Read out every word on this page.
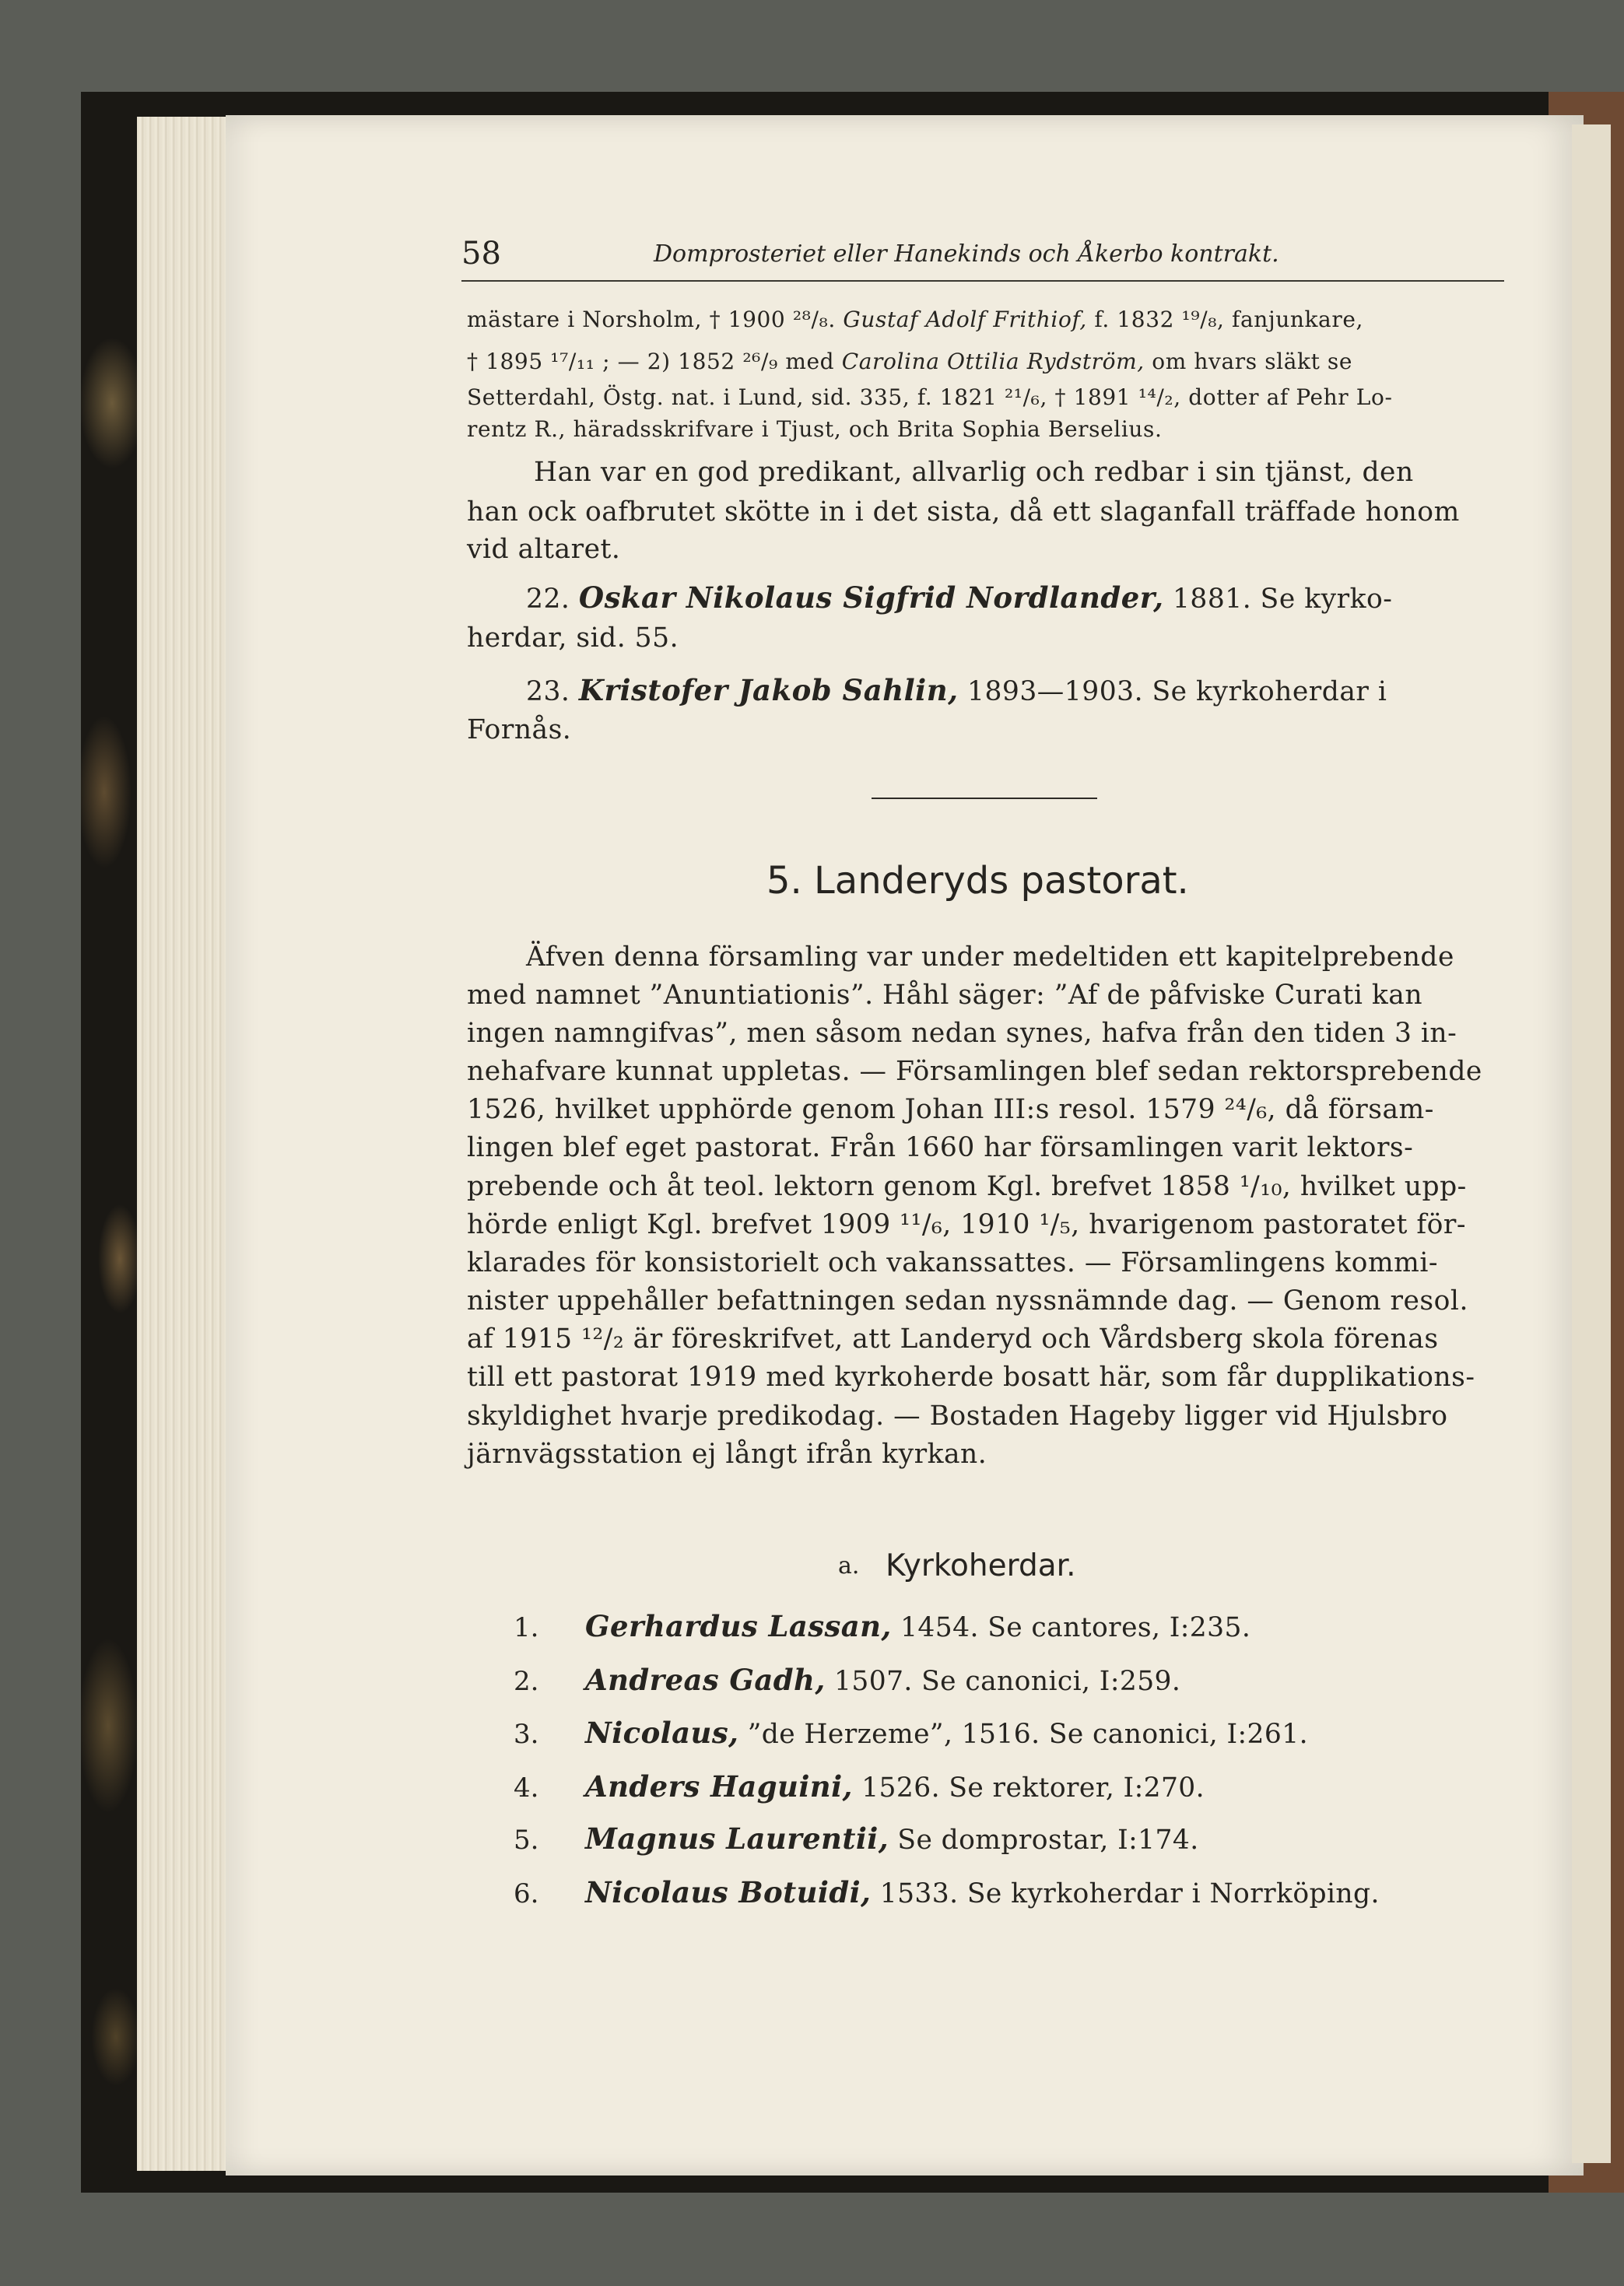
58	Domprosteriet eller Hanekinds och Åkerbo kontrakt.
mästare i Norsholm, † 1900 ²⁸/₈. Gustaf Adolf Frithiof, f. 1832 ¹⁹/₈, fanjunkare,
† 1895 ¹⁷/₁₁ ; — 2) 1852 ²⁶/₉ med Carolina Ottilia Rydström, om hvars släkt se
Setterdahl, Östg. nat. i Lund, sid. 335, f. 1821 ²¹/₆, † 1891 ¹⁴/₂, dotter af Pehr Lo-
rentz R., häradsskrifvare i Tjust, och Brita Sophia Berselius.
Han var en god predikant, allvarlig och redbar i sin tjänst, den
han ock oafbrutet skötte in i det sista, då ett slaganfall träffade honom
vid altaret.
22. Oskar Nikolaus Sigfrid Nordlander, 1881. Se kyrko-
herdar, sid. 55.
23. Kristofer Jakob Sahlin, 1893—1903. Se kyrkoherdar i
Fornås.
5. Landeryds pastorat.
Äfven denna församling var under medeltiden ett kapitelprebende
med namnet ”Anuntiationis”. Håhl säger: ”Af de påfviske Curati kan
ingen namngifvas”, men såsom nedan synes, hafva från den tiden 3 in-
nehafvare kunnat uppletas. — Församlingen blef sedan rektorsprebende
1526, hvilket upphörde genom Johan III:s resol. 1579 ²⁴/₆, då försam-
lingen blef eget pastorat. Från 1660 har församlingen varit lektors-
prebende och åt teol. lektorn genom Kgl. brefvet 1858 ¹/₁₀, hvilket upp-
hörde enligt Kgl. brefvet 1909 ¹¹/₆, 1910 ¹/₅, hvarigenom pastoratet för-
klarades för konsistorielt och vakanssattes. — Församlingens kommi-
nister uppehåller befattningen sedan nyssnämnde dag. — Genom resol.
af 1915 ¹²/₂ är föreskrifvet, att Landeryd och Vårdsberg skola förenas
till ett pastorat 1919 med kyrkoherde bosatt här, som får dupplikations-
skyldighet hvarje predikodag. — Bostaden Hageby ligger vid Hjulsbro
järnvägsstation ej långt ifrån kyrkan.
a. Kyrkoherdar.
1. Gerhardus Lassan, 1454. Se cantores, I:235.
2. Andreas Gadh, 1507. Se canonici, I:259.
3. Nicolaus, ”de Herzeme”, 1516. Se canonici, I:261.
4. Anders Haguini, 1526. Se rektorer, I:270.
5. Magnus Laurentii, Se domprostar, I:174.
6. Nicolaus Botuidi, 1533. Se kyrkoherdar i Norrköping.
